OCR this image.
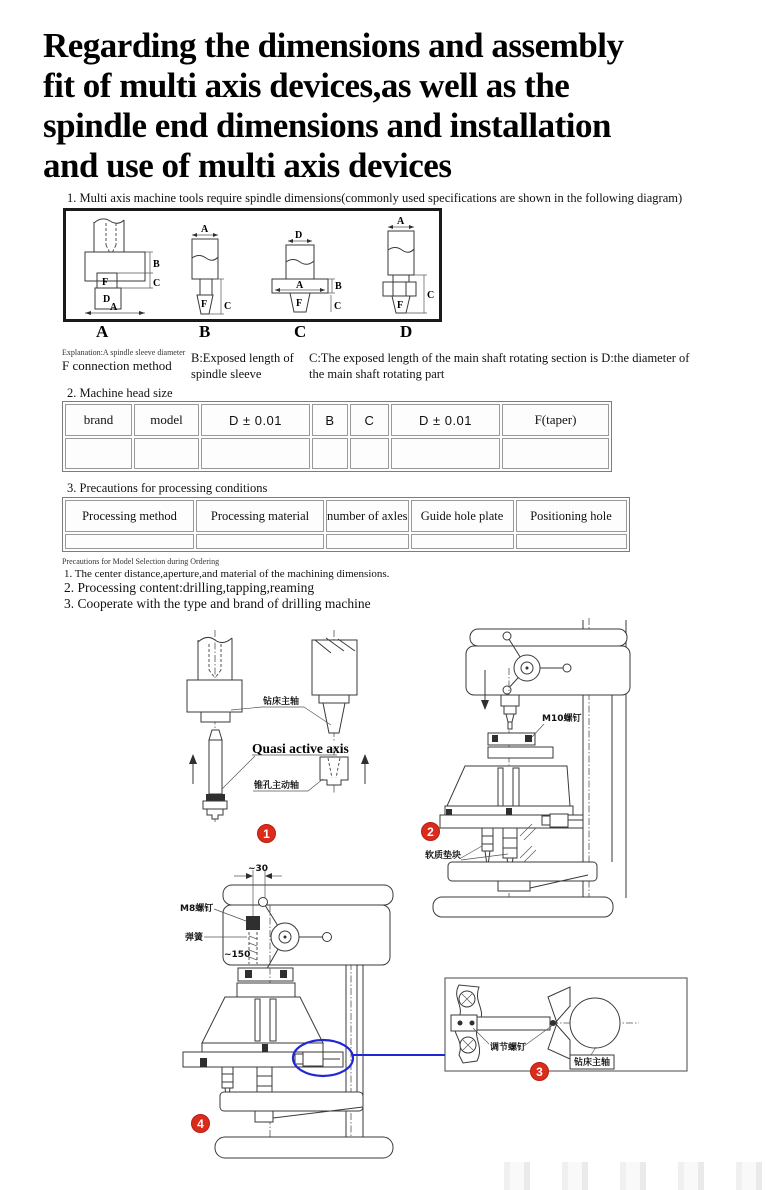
Regarding the dimensions and assembly
fit of multi axis devices,as well as the
spindle end dimensions and installation
and use of multi axis devices
1. Multi axis machine tools require spindle dimensions(commonly used specifications are shown in the following diagram)
F
D
A
B
C
A
F C
D
A	B
F	C
A
F
C
A	B	C	D
Explanation:A spindle sleeve diameter
F connection method B:Exposed length of spindle sleeve
C:The exposed length of the main shaft rotating section is D:the diameter of the main shaft rotating part
2. Machine head size
brand	model	D ± 0.01	B	C	D ± 0.01	F(taper)

3. Precautions for processing conditions
Processing method	Processing material	number of axles	Guide hole plate	Positioning hole

Precautions for Model Selection during Ordering
1. The center distance,aperture,and material of the machining dimensions.
2. Processing content:drilling,tapping,reaming
3. Cooperate with the type and brand of drilling machine
钻床主轴
Quasi active axis
锥孔主动轴
M10螺钉
软质垫块
~30
M8螺钉
弹簧
~150
调节螺钉
钻床主轴
1	2
3
4
